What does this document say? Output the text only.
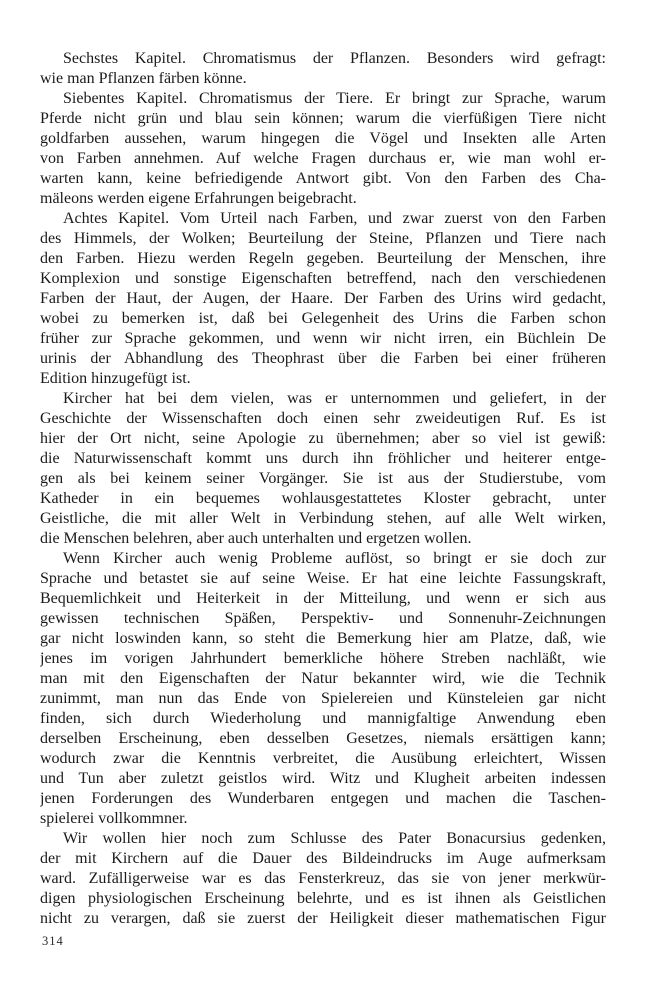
Sechstes Kapitel. Chromatismus der Pflanzen. Besonders wird gefragt:
wie man Pflanzen färben könne.
Siebentes Kapitel. Chromatismus der Tiere. Er bringt zur Sprache, warum
Pferde nicht grün und blau sein können; warum die vierfüßigen Tiere nicht
goldfarben aussehen, warum hingegen die Vögel und Insekten alle Arten
von Farben annehmen. Auf welche Fragen durchaus er, wie man wohl er-
warten kann, keine befriedigende Antwort gibt. Von den Farben des Cha-
mäleons werden eigene Erfahrungen beigebracht.
Achtes Kapitel. Vom Urteil nach Farben, und zwar zuerst von den Farben
des Himmels, der Wolken; Beurteilung der Steine, Pflanzen und Tiere nach
den Farben. Hiezu werden Regeln gegeben. Beurteilung der Menschen, ihre
Komplexion und sonstige Eigenschaften betreffend, nach den verschiedenen
Farben der Haut, der Augen, der Haare. Der Farben des Urins wird gedacht,
wobei zu bemerken ist, daß bei Gelegenheit des Urins die Farben schon
früher zur Sprache gekommen, und wenn wir nicht irren, ein Büchlein De
urinis der Abhandlung des Theophrast über die Farben bei einer früheren
Edition hinzugefügt ist.
Kircher hat bei dem vielen, was er unternommen und geliefert, in der
Geschichte der Wissenschaften doch einen sehr zweideutigen Ruf. Es ist
hier der Ort nicht, seine Apologie zu übernehmen; aber so viel ist gewiß:
die Naturwissenschaft kommt uns durch ihn fröhlicher und heiterer entge-
gen als bei keinem seiner Vorgänger. Sie ist aus der Studierstube, vom
Katheder in ein bequemes wohlausgestattetes Kloster gebracht, unter
Geistliche, die mit aller Welt in Verbindung stehen, auf alle Welt wirken,
die Menschen belehren, aber auch unterhalten und ergetzen wollen.
Wenn Kircher auch wenig Probleme auflöst, so bringt er sie doch zur
Sprache und betastet sie auf seine Weise. Er hat eine leichte Fassungskraft,
Bequemlichkeit und Heiterkeit in der Mitteilung, und wenn er sich aus
gewissen technischen Späßen, Perspektiv- und Sonnenuhr-Zeichnungen
gar nicht loswinden kann, so steht die Bemerkung hier am Platze, daß, wie
jenes im vorigen Jahrhundert bemerkliche höhere Streben nachläßt, wie
man mit den Eigenschaften der Natur bekannter wird, wie die Technik
zunimmt, man nun das Ende von Spielereien und Künsteleien gar nicht
finden, sich durch Wiederholung und mannigfaltige Anwendung eben
derselben Erscheinung, eben desselben Gesetzes, niemals ersättigen kann;
wodurch zwar die Kenntnis verbreitet, die Ausübung erleichtert, Wissen
und Tun aber zuletzt geistlos wird. Witz und Klugheit arbeiten indessen
jenen Forderungen des Wunderbaren entgegen und machen die Taschen-
spielerei vollkommner.
Wir wollen hier noch zum Schlusse des Pater Bonacursius gedenken,
der mit Kirchern auf die Dauer des Bildeindrucks im Auge aufmerksam
ward. Zufälligerweise war es das Fensterkreuz, das sie von jener merkwür-
digen physiologischen Erscheinung belehrte, und es ist ihnen als Geistlichen
nicht zu verargen, daß sie zuerst der Heiligkeit dieser mathematischen Figur
314
